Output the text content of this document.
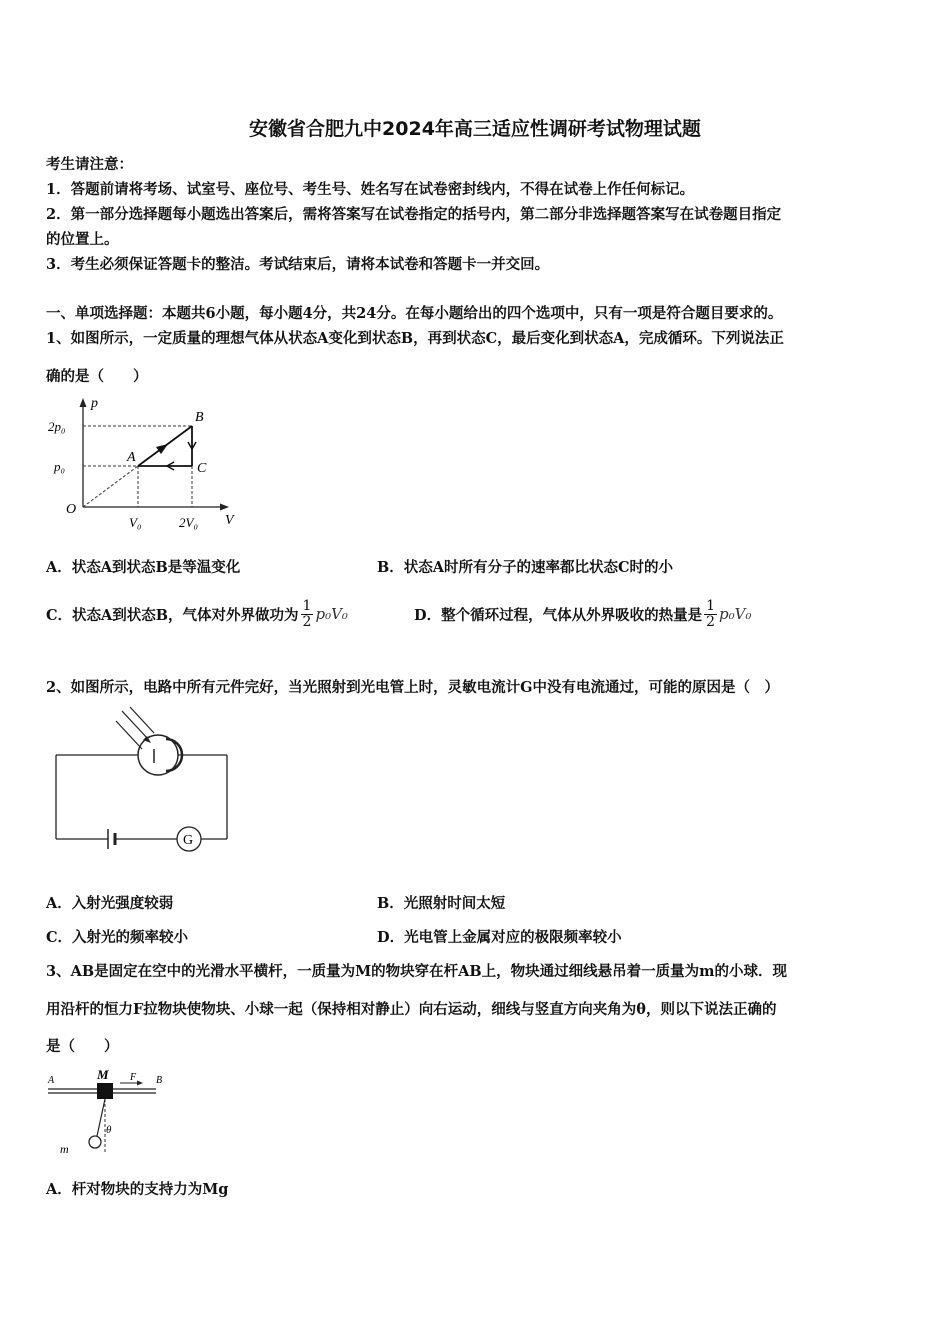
安徽省合肥九中2024年高三适应性调研考试物理试题
考生请注意：
1．答题前请将考场、试室号、座位号、考生号、姓名写在试卷密封线内，不得在试卷上作任何标记。
2．第一部分选择题每小题选出答案后，需将答案写在试卷指定的括号内，第二部分非选择题答案写在试卷题目指定
的位置上。
3．考生必须保证答题卡的整洁。考试结束后，请将本试卷和答题卡一并交回。
一、单项选择题：本题共6小题，每小题4分，共24分。在每小题给出的四个选项中，只有一项是符合题目要求的。
1、如图所示，一定质量的理想气体从状态A变化到状态B，再到状态C，最后变化到状态A，完成循环。下列说法正
确的是（　　）
p
V
O
2p₀
p₀
V₀	2V₀
A
B
C
A．状态A到状态B是等温变化	B．状态A时所有分子的速率都比状态C时的小
C．状态A到状态B，气体对外界做功为 $\frac{1}{2} p_0V_0$	D．整个循环过程，气体从外界吸收的热量是 $\frac{1}{2} p_0V_0$
2、如图所示，电路中所有元件完好，当光照射到光电管上时，灵敏电流计G中没有电流通过，可能的原因是（　）
G
A．入射光强度较弱	B．光照射时间太短
C．入射光的频率较小	D．光电管上金属对应的极限频率较小
3、AB是固定在空中的光滑水平横杆，一质量为M的物块穿在杆AB上，物块通过细线悬吊着一质量为m的小球．现
用沿杆的恒力F拉物块使物块、小球一起（保持相对静止）向右运动，细线与竖直方向夹角为θ，则以下说法正确的
是（　　）
A	B
M F
m
θ
A．杆对物块的支持力为Mg
